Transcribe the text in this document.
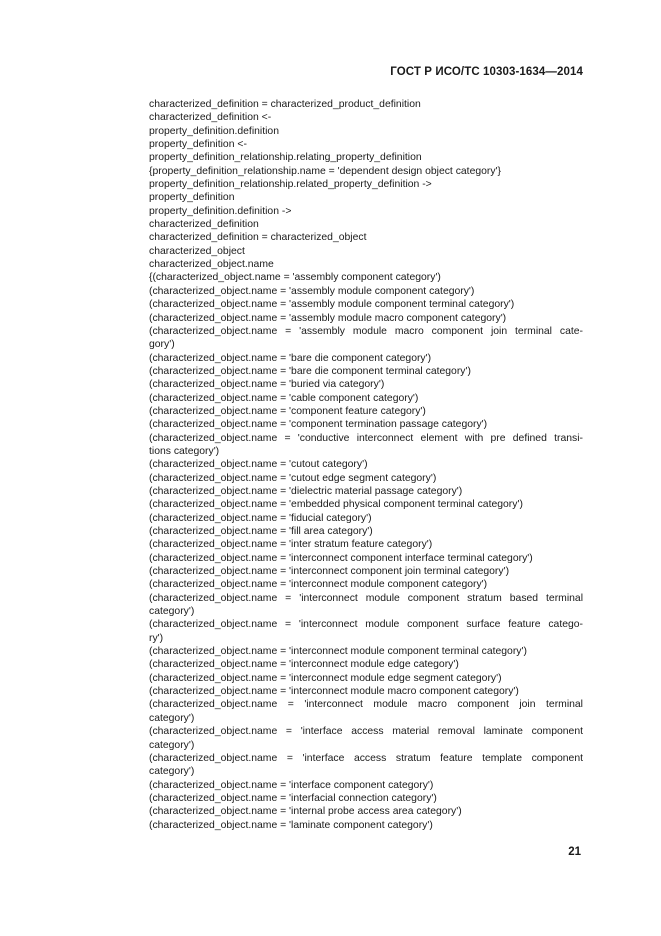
ГОСТ Р ИСО/ТС 10303-1634—2014
characterized_definition = characterized_product_definition
characterized_definition <-
property_definition.definition
property_definition <-
property_definition_relationship.relating_property_definition
{property_definition_relationship.name = 'dependent design object category'}
property_definition_relationship.related_property_definition ->
property_definition
property_definition.definition ->
characterized_definition
characterized_definition = characterized_object
characterized_object
characterized_object.name
{(characterized_object.name = 'assembly component category')
(characterized_object.name = 'assembly module component category')
(characterized_object.name = 'assembly module component terminal category')
(characterized_object.name = 'assembly module macro component category')
(characterized_object.name = 'assembly module macro component join terminal cate-
gory')
(characterized_object.name = 'bare die component category')
(characterized_object.name = 'bare die component terminal category')
(characterized_object.name = 'buried via category')
(characterized_object.name = 'cable component category')
(characterized_object.name = 'component feature category')
(characterized_object.name = 'component termination passage category')
(characterized_object.name = 'conductive interconnect element with pre defined transi-
tions category')
(characterized_object.name = 'cutout category')
(characterized_object.name = 'cutout edge segment category')
(characterized_object.name = 'dielectric material passage category')
(characterized_object.name = 'embedded physical component terminal category')
(characterized_object.name = 'fiducial category')
(characterized_object.name = 'fill area category')
(characterized_object.name = 'inter stratum feature category')
(characterized_object.name = 'interconnect component interface terminal category')
(characterized_object.name = 'interconnect component join terminal category')
(characterized_object.name = 'interconnect module component category')
(characterized_object.name = 'interconnect module component stratum based terminal
category')
(characterized_object.name = 'interconnect module component surface feature catego-
ry')
(characterized_object.name = 'interconnect module component terminal category')
(characterized_object.name = 'interconnect module edge category')
(characterized_object.name = 'interconnect module edge segment category')
(characterized_object.name = 'interconnect module macro component category')
(characterized_object.name = 'interconnect module macro component join terminal
category')
(characterized_object.name = 'interface access material removal laminate component
category')
(characterized_object.name = 'interface access stratum feature template component
category')
(characterized_object.name = 'interface component category')
(characterized_object.name = 'interfacial connection category')
(characterized_object.name = 'internal probe access area category')
(characterized_object.name = 'laminate component category')
21
